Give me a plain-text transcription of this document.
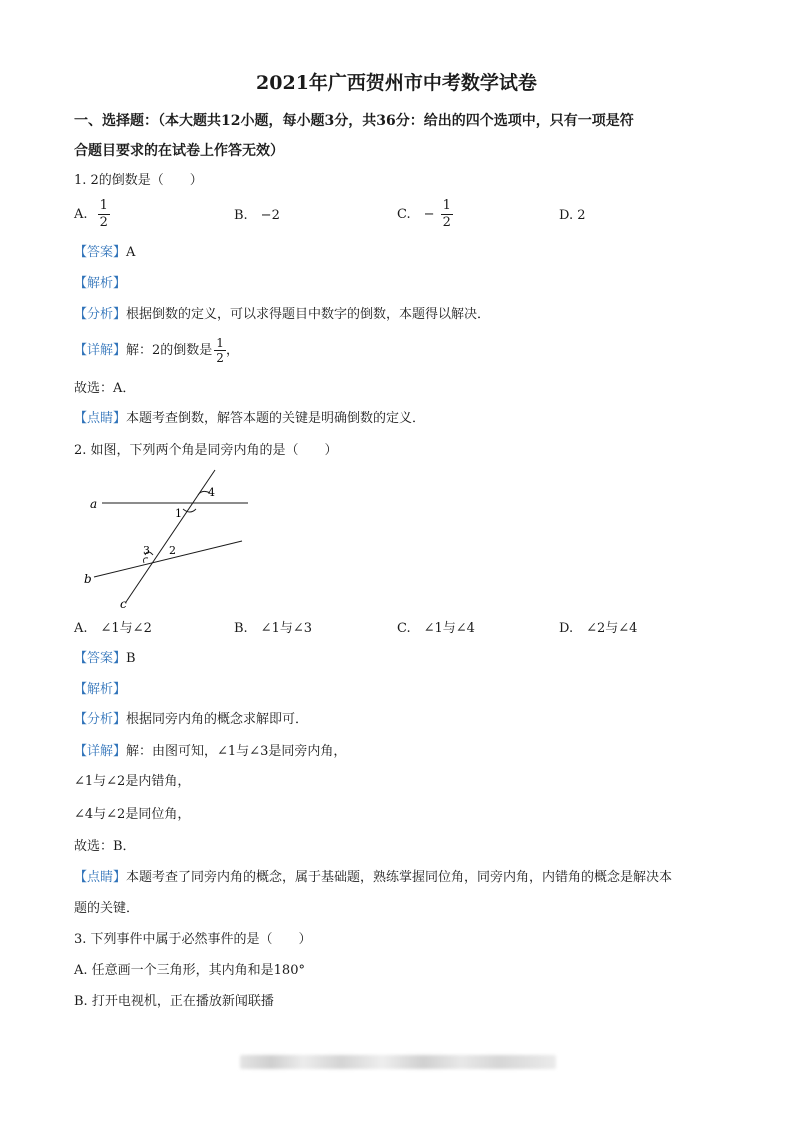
2021年广西贺州市中考数学试卷
一、选择题：（本大题共12小题，每小题3分，共36分：给出的四个选项中，只有一项是符
合题目要求的在试卷上作答无效）
1. 2的倒数是（　　）
A. $\frac{1}{2}$	B.　−2	C.　− $\frac{1}{2}$	D. 2
【答案】A
【解析】
【分析】根据倒数的定义，可以求得题目中数字的倒数，本题得以解决．
【详解】解：2的倒数是 $\frac{1}{2}$ ，
故选：A．
【点睛】本题考查倒数，解答本题的关键是明确倒数的定义．
2. 如图，下列两个角是同旁内角的是（　　）
a
b
c
1
4
2
3
A.　∠1与∠2	B.　∠1与∠3	C.　∠1与∠4	D.　∠2与∠4
【答案】B
【解析】
【分析】根据同旁内角的概念求解即可．
【详解】解：由图可知，∠1与∠3是同旁内角，
∠1与∠2是内错角，
∠4与∠2是同位角，
故选：B．
【点睛】本题考查了同旁内角的概念，属于基础题，熟练掌握同位角，同旁内角，内错角的概念是解决本
题的关键．
3. 下列事件中属于必然事件的是（　　）
A. 任意画一个三角形，其内角和是180°
B. 打开电视机，正在播放新闻联播
